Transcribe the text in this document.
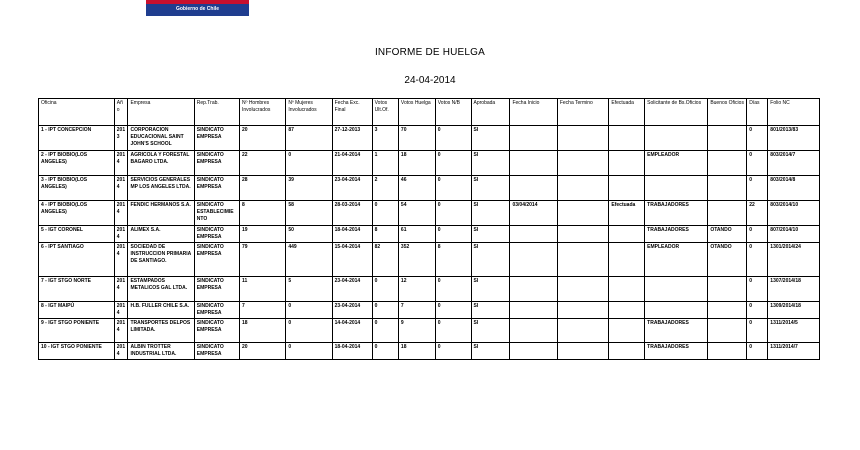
Gobierno de Chile
INFORME DE HUELGA
24-04-2014
Oficina	Año	Empresa	Rep.Trab.	Nº Hombres Involucrados	Nº Mujeres Involucrados	Fecha Exc. Final	Votos Ult.Of.	Votos Huelga	Votos N/B	Aprobada	Fecha Inicio	Fecha Termino	Efectuada	Solicitante de Bs.Oficios	Buenos Oficios	Días	Folio NC
1 - IPT CONCEPCION	2013	CORPORACION EDUCACIONAL SAINT JOHN'S SCHOOL	SINDICATO EMPRESA	20	87	27-12-2013	3	70	0	SI						0	801/2013/83
2 - IPT BIOBIO(LOS ANGELES)	2014	AGRICOLA Y FORESTAL BAGARO LTDA.	SINDICATO EMPRESA	22	0	21-04-2014	1	18	0	SI				EMPLEADOR		0	803/2014/7
3 - IPT BIOBIO(LOS ANGELES)	2014	SERVICIOS GENERALES MP LOS ANGELES LTDA.	SINDICATO EMPRESA	28	39	23-04-2014	2	46	0	SI						0	803/2014/8
4 - IPT BIOBIO(LOS ANGELES)	2014	FENDIC HERMANOS S.A.	SINDICATO ESTABLECIMIENTO	8	58	28-03-2014	0	54	0	SI	03/04/2014		Efectuada	TRABAJADORES		22	803/2014/10
5 - IGT CORONEL	2014	ALIMEX S.A.	SINDICATO EMPRESA	19	50	18-04-2014	8	61	0	SI				TRABAJADORES	OTANDO	0	807/2014/10
6 - IPT SANTIAGO	2014	SOCIEDAD DE INSTRUCCION PRIMARIA DE SANTIAGO.	SINDICATO EMPRESA	79	449	15-04-2014	82	352	8	SI				EMPLEADOR	OTANDO	0	1301/2014/24
7 - IGT STGO NORTE	2014	ESTAMPADOS METALICOS GAL LTDA.	SINDICATO EMPRESA	11	5	23-04-2014	0	12	0	SI						0	1307/2014/18
8 - IGT MAIPÚ	2014	H.B. FULLER CHILE S.A.	SINDICATO EMPRESA	7	0	23-04-2014	0	7	0	SI						0	1309/2014/18
9 - IGT STGO PONIENTE	2014	TRANSPORTES DELPOS LIMITADA.	SINDICATO EMPRESA	18	0	14-04-2014	0	9	0	SI				TRABAJADORES		0	1311/2014/5
10 - IGT STGO PONIENTE	2014	ALBIN TROTTER INDUSTRIAL LTDA.	SINDICATO EMPRESA	20	0	18-04-2014	0	18	0	SI				TRABAJADORES		0	1311/2014/7
